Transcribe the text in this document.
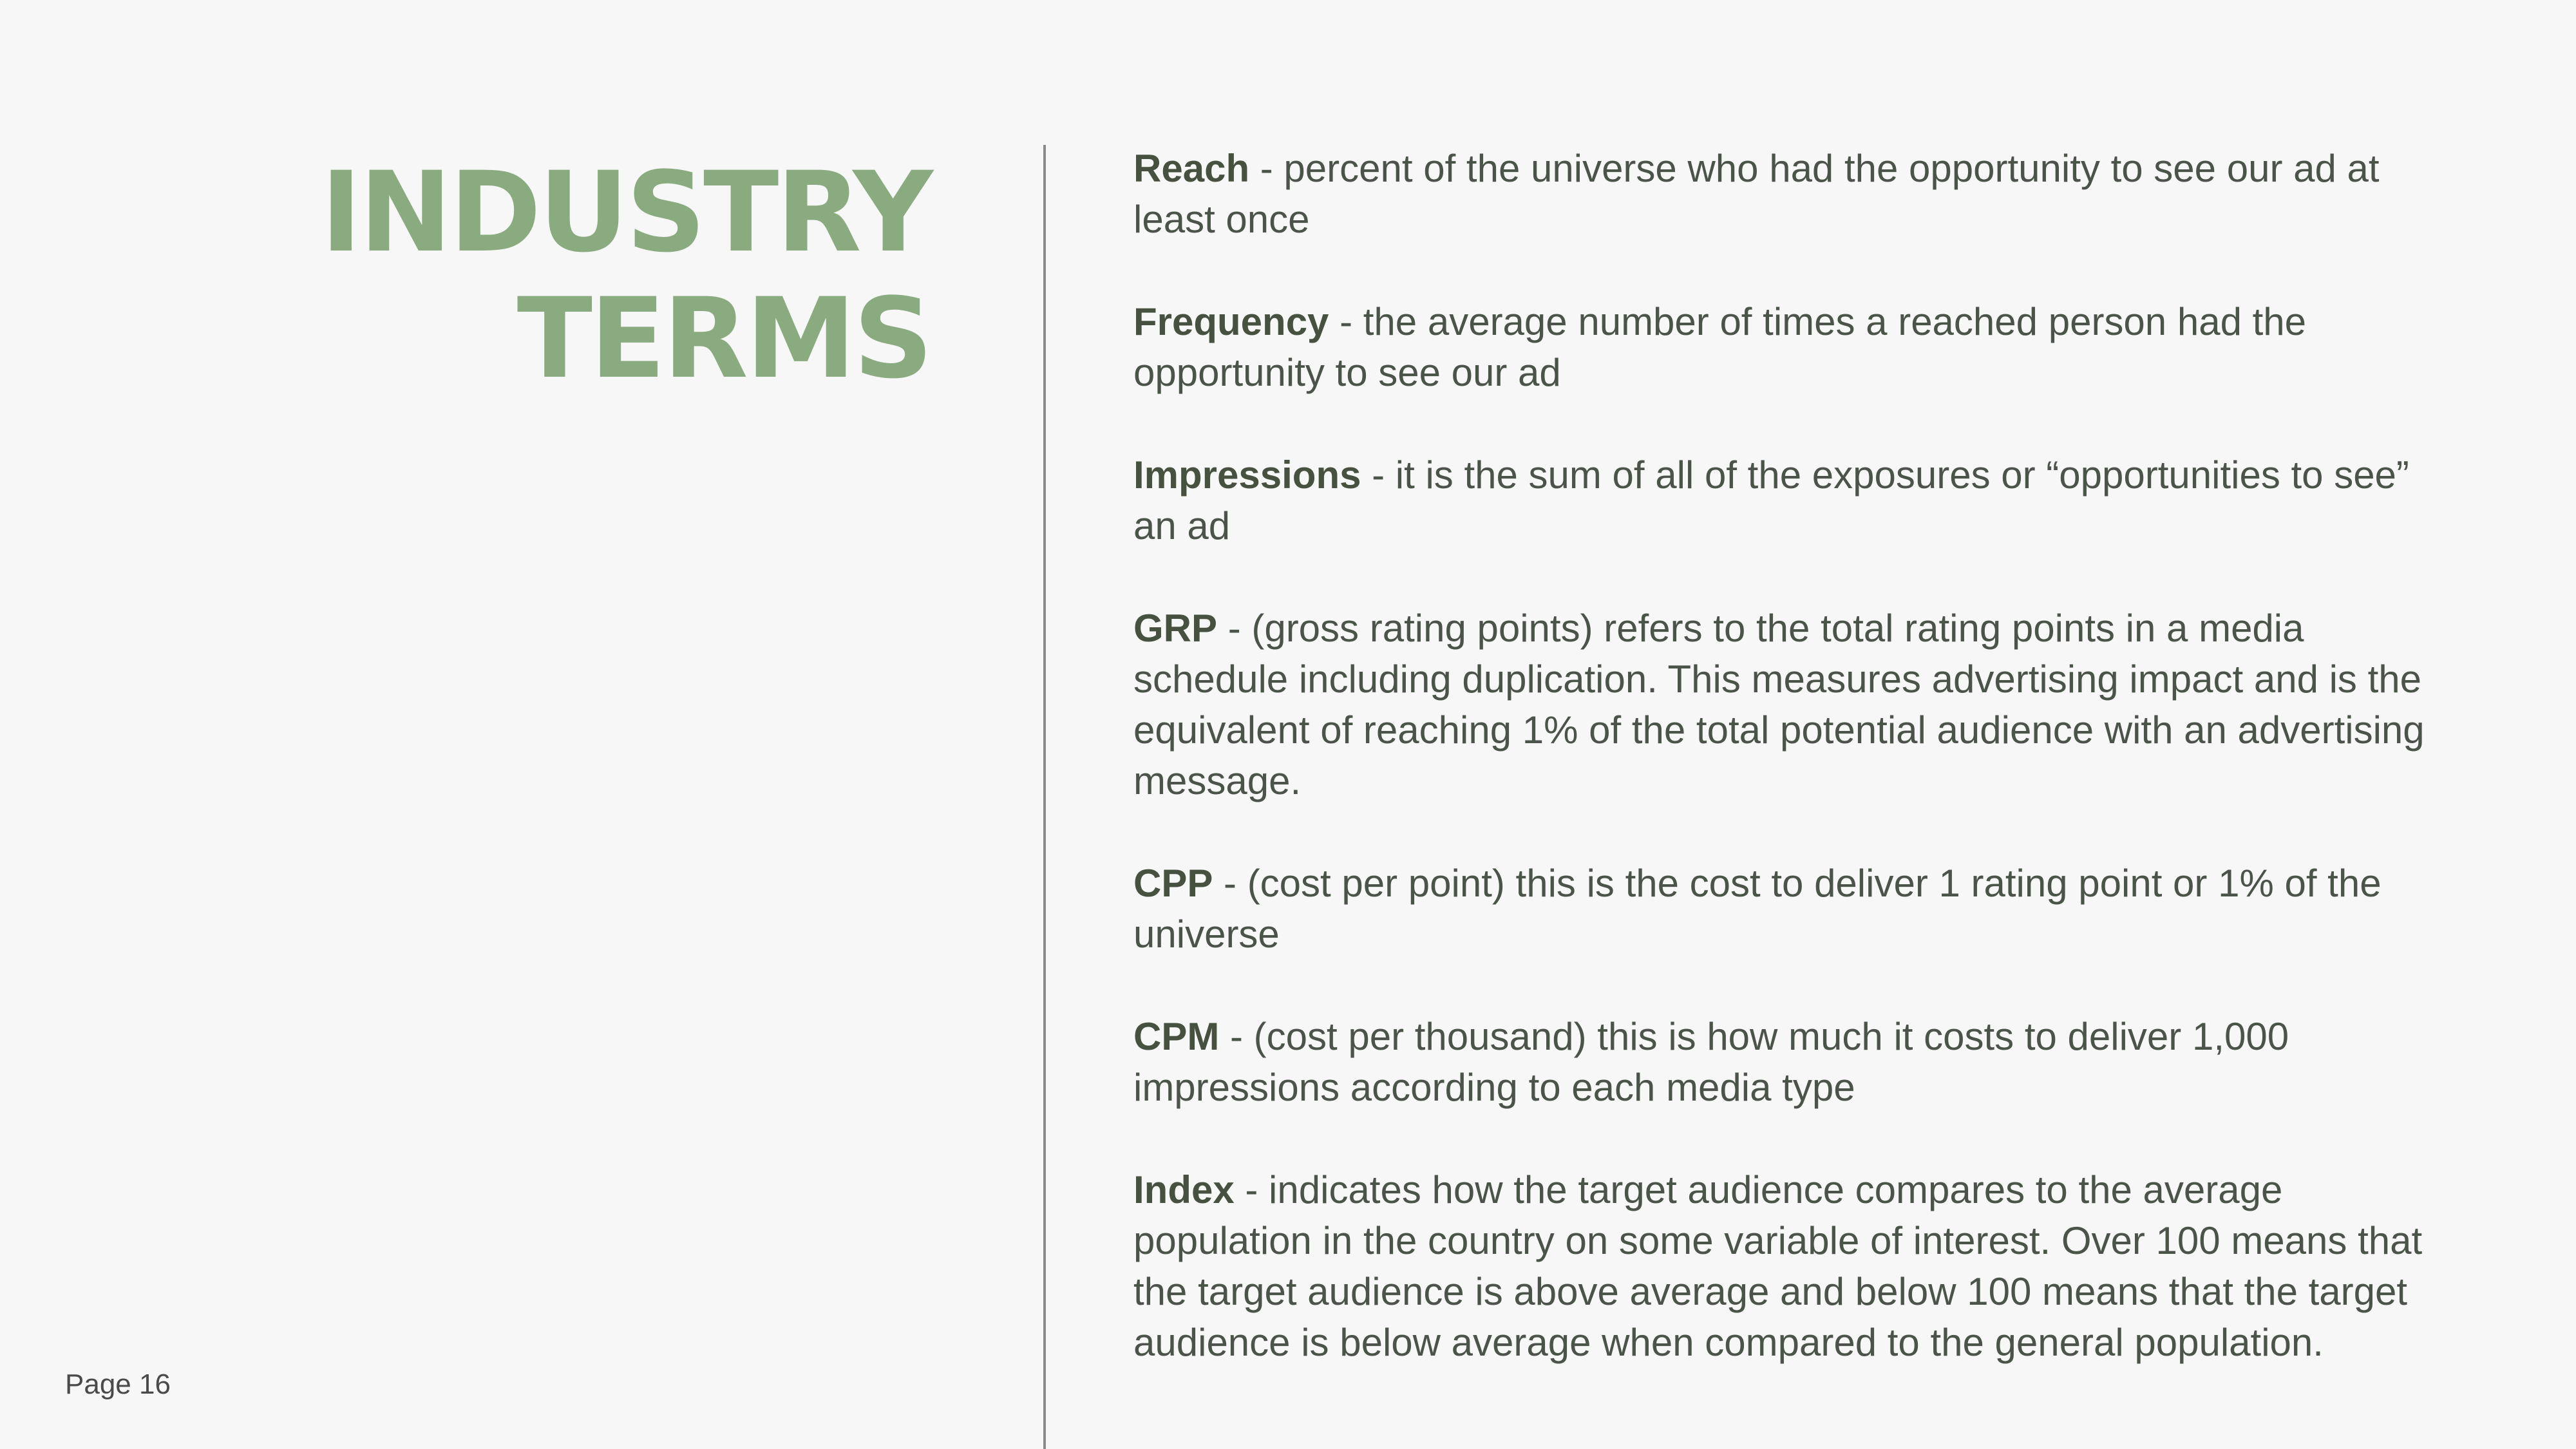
INDUSTRY
TERMS
Reach - percent of the universe who had the opportunity to see our ad at least once
Frequency - the average number of times a reached person had the opportunity to see our ad
Impressions - it is the sum of all of the exposures or “opportunities to see” an ad
GRP - (gross rating points) refers to the total rating points in a media schedule including duplication. This measures advertising impact and is the equivalent of reaching 1% of the total potential audience with an advertising message.
CPP - (cost per point) this is the cost to deliver 1 rating point or 1% of the universe
CPM - (cost per thousand) this is how much it costs to deliver 1,000 impressions according to each media type
Index - indicates how the target audience compares to the average population in the country on some variable of interest. Over 100 means that the target audience is above average and below 100 means that the target audience is below average when compared to the general population.
Page 16
